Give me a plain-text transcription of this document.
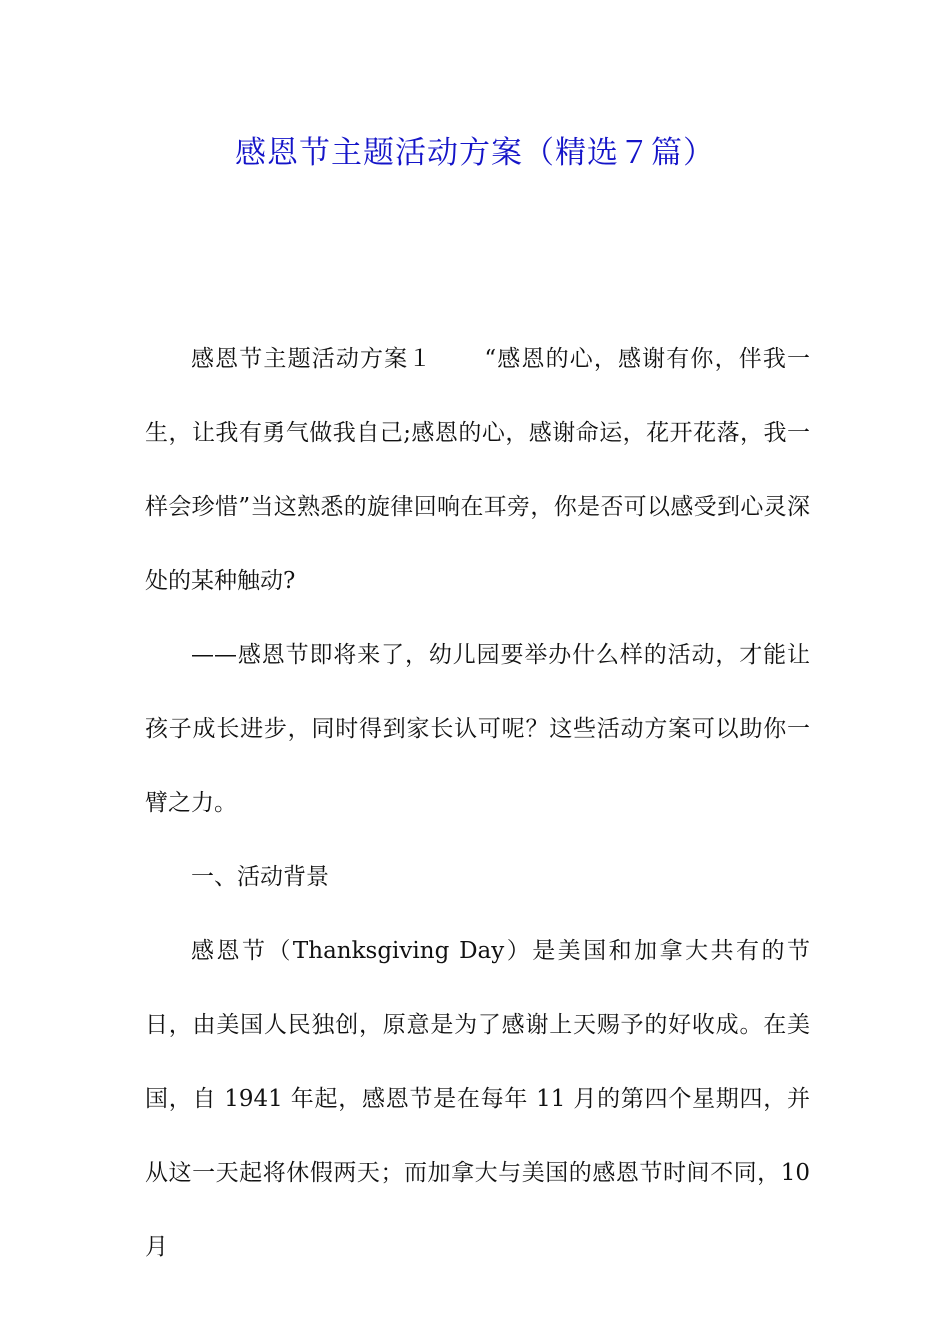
感恩节主题活动方案（精选７篇）

感恩节主题活动方案１ “感恩的心，感谢有你，伴我一生，让我有勇气做我自己;感恩的心，感谢命运，花开花落，我一样会珍惜”当这熟悉的旋律回响在耳旁，你是否可以感受到心灵深处的某种触动?

——感恩节即将来了，幼儿园要举办什么样的活动，才能让孩子成长进步，同时得到家长认可呢？这些活动方案可以助你一臂之力。

一、活动背景

感恩节（Thanksgiving Day）是美国和加拿大共有的节日，由美国人民独创，原意是为了感谢上天赐予的好收成。在美国，自 1941 年起，感恩节是在每年 11 月的第四个星期四，并从这一天起将休假两天；而加拿大与美国的感恩节时间不同，10 月
